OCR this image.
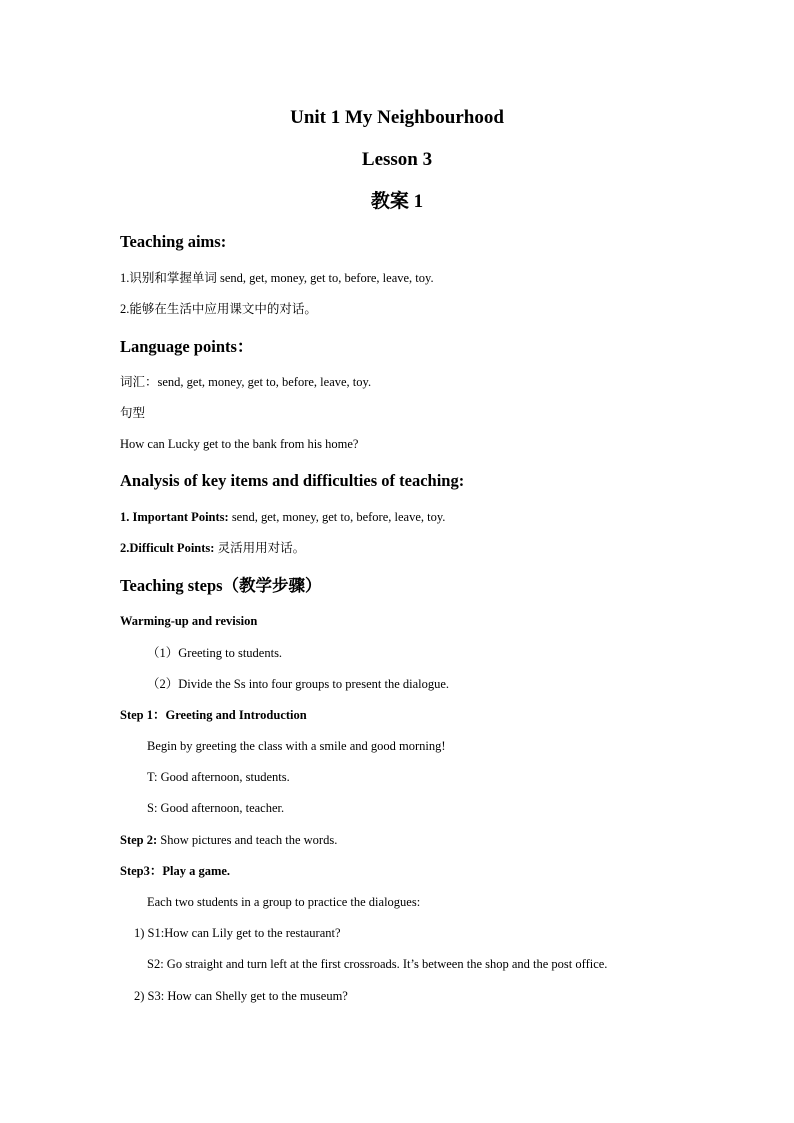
Unit 1 My Neighbourhood
Lesson 3
教案 1
Teaching aims:
1.识别和掌握单词 send, get, money, get to, before, leave, toy.
2.能够在生活中应用课文中的对话。
Language points：
词汇：send, get, money, get to, before, leave, toy.
句型
How can Lucky get to the bank from his home?
Analysis of key items and difficulties of teaching:
1. Important Points: send, get, money, get to, before, leave, toy.
2.Difficult Points: 灵活用用对话。
Teaching steps（教学步骤）
Warming-up and revision
（1）Greeting to students.
（2）Divide the Ss into four groups to present the dialogue.
Step 1：Greeting and Introduction
Begin by greeting the class with a smile and good morning!
T: Good afternoon, students.
S: Good afternoon, teacher.
Step 2: Show pictures and teach the words.
Step3：Play a game.
Each two students in a group to practice the dialogues:
1) S1:How can Lily get to the restaurant?
S2: Go straight and turn left at the first crossroads. It’s between the shop and the post office.
2) S3: How can Shelly get to the museum?
